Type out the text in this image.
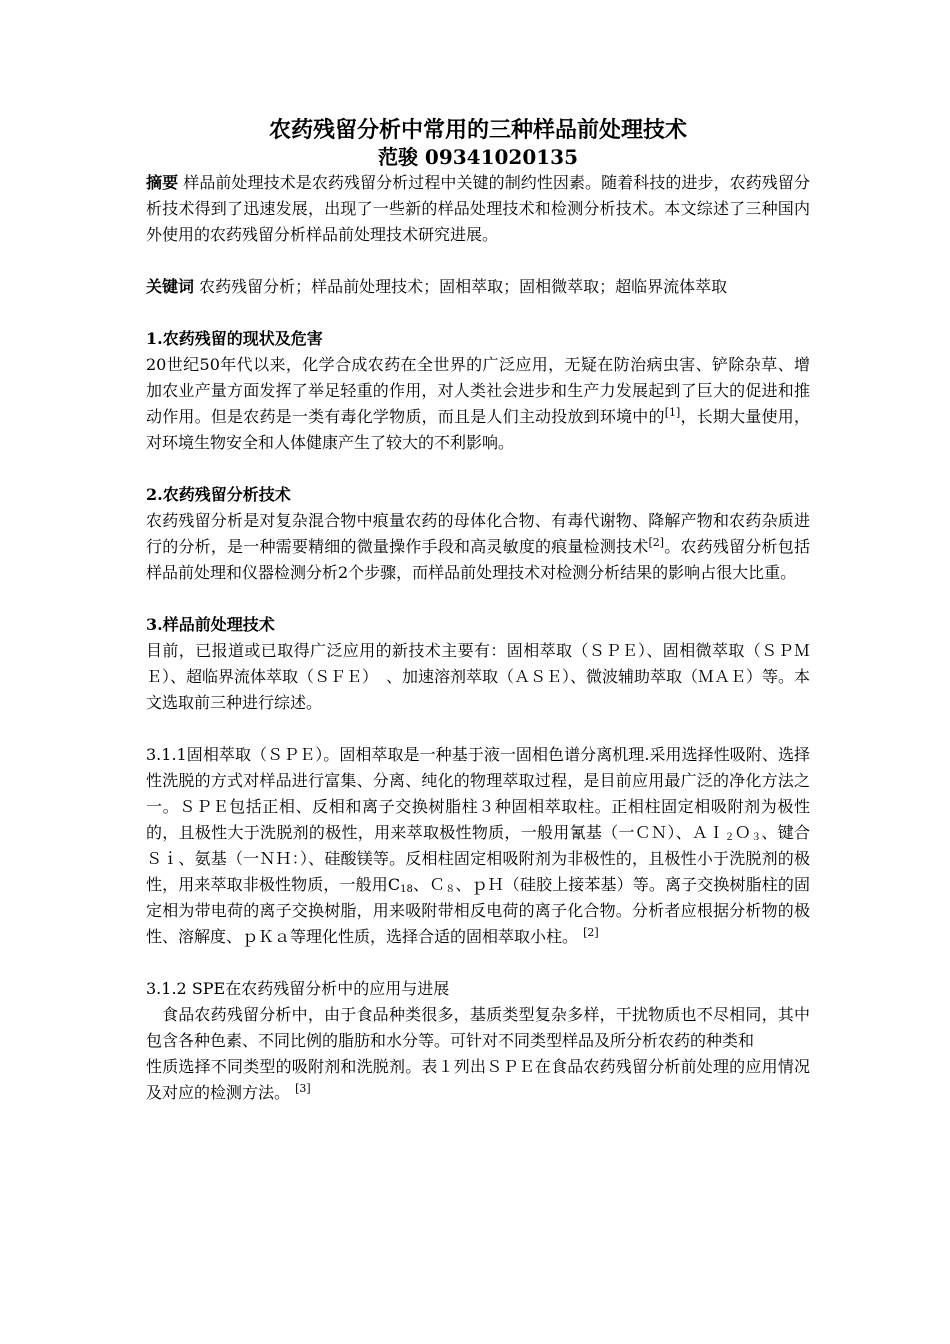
农药残留分析中常用的三种样品前处理技术
范骏 09341020135

摘要 样品前处理技术是农药残留分析过程中关键的制约性因素。随着科技的进步，农药残留分析技术得到了迅速发展，出现了一些新的样品处理技术和检测分析技术。本文综述了三种国内外使用的农药残留分析样品前处理技术研究进展。

关键词 农药残留分析；样品前处理技术；固相萃取；固相微萃取；超临界流体萃取

1.农药残留的现状及危害

20世纪50年代以来，化学合成农药在全世界的广泛应用，无疑在防治病虫害、铲除杂草、增加农业产量方面发挥了举足轻重的作用，对人类社会进步和生产力发展起到了巨大的促进和推动作用。但是农药是一类有毒化学物质，而且是人们主动投放到环境中的[1]，长期大量使用，对环境生物安全和人体健康产生了较大的不利影响。

2.农药残留分析技术

农药残留分析是对复杂混合物中痕量农药的母体化合物、有毒代谢物、降解产物和农药杂质进行的分析，是一种需要精细的微量操作手段和高灵敏度的痕量检测技术[2]。农药残留分析包括样品前处理和仪器检测分析2个步骤，而样品前处理技术对检测分析结果的影响占很大比重。

3.样品前处理技术

目前，已报道或已取得广泛应用的新技术主要有：固相萃取（ＳＰＥ）、固相微萃取（ＳＰＭＥ）、超临界流体萃取（ＳＦＥ）　、加速溶剂萃取（ＡＳＥ）、微波辅助萃取（ＭＡＥ）等。本文选取前三种进行综述。

3.1.1固相萃取（ＳＰＥ）。固相萃取是一种基于液一固相色谱分离机理.采用选择性吸附、选择性洗脱的方式对样品进行富集、分离、纯化的物理萃取过程，是目前应用最广泛的净化方法之一。ＳＰＥ包括正相、反相和离子交换树脂柱３种固相萃取柱。正相柱固定相吸附剂为极性的，且极性大于洗脱剂的极性，用来萃取极性物质，一般用氰基（一ＣＮ）、ＡＩ$_2$Ｏ$_3$、键合Ｓｉ、氨基（一ＮＨ：）、硅酸镁等。反相柱固定相吸附剂为非极性的，且极性小于洗脱剂的极性，用来萃取非极性物质，一般用$C_{18}$、Ｃ$_8$、ｐＨ（硅胶上接苯基）等。离子交换树脂柱的固定相为带电荷的离子交换树脂，用来吸附带相反电荷的离子化合物。分析者应根据分析物的极性、溶解度、ｐＫａ等理化性质，选择合适的固相萃取小柱。 [2]

3.1.2 SPE在农药残留分析中的应用与进展

食品农药残留分析中，由于食品种类很多，基质类型复杂多样，干扰物质也不尽相同，其中包含各种色素、不同比例的脂肪和水分等。可针对不同类型样品及所分析农药的种类和

性质选择不同类型的吸附剂和洗脱剂。表１列出ＳＰＥ在食品农药残留分析前处理的应用情况及对应的检测方法。 [3]
